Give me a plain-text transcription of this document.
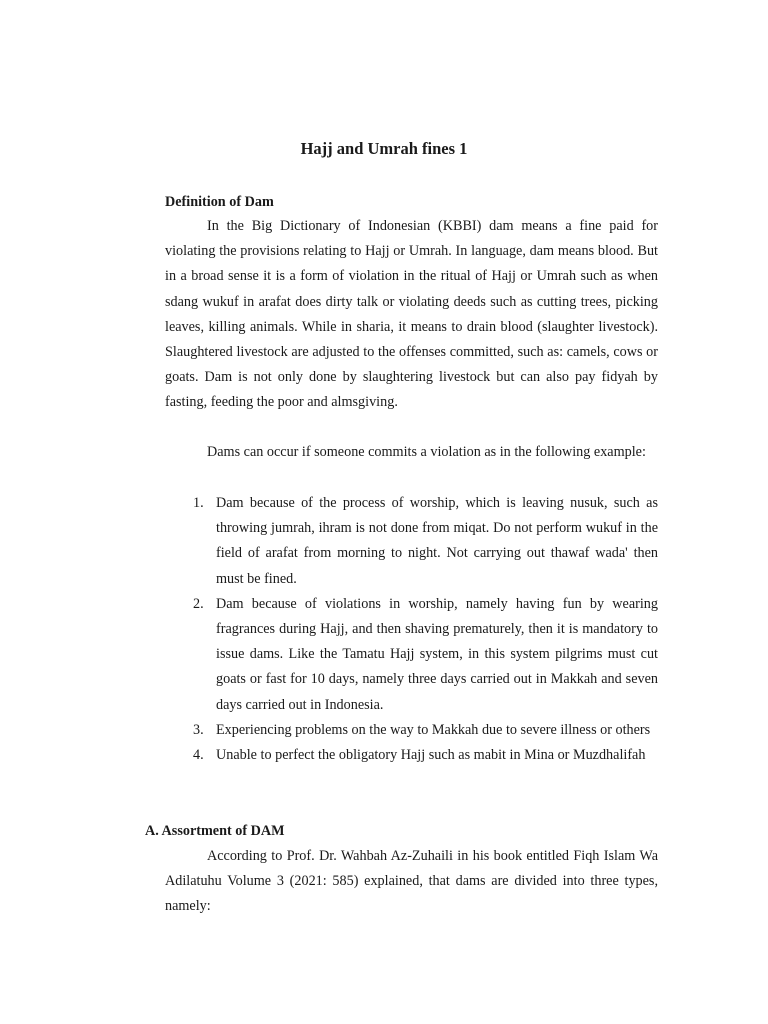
Hajj and Umrah fines 1
Definition of Dam

In the Big Dictionary of Indonesian (KBBI) dam means a fine paid for violating the provisions relating to Hajj or Umrah. In language, dam means blood. But in a broad sense it is a form of violation in the ritual of Hajj or Umrah such as when sdang wukuf in arafat does dirty talk or violating deeds such as cutting trees, picking leaves, killing animals. While in sharia, it means to drain blood (slaughter livestock). Slaughtered livestock are adjusted to the offenses committed, such as: camels, cows or goats. Dam is not only done by slaughtering livestock but can also pay fidyah by fasting, feeding the poor and almsgiving.

Dams can occur if someone commits a violation as in the following example:

1. Dam because of the process of worship, which is leaving nusuk, such as throwing jumrah, ihram is not done from miqat. Do not perform wukuf in the field of arafat from morning to night. Not carrying out thawaf wada' then must be fined.
2. Dam because of violations in worship, namely having fun by wearing fragrances during Hajj, and then shaving prematurely, then it is mandatory to issue dams. Like the Tamatu Hajj system, in this system pilgrims must cut goats or fast for 10 days, namely three days carried out in Makkah and seven days carried out in Indonesia.
3. Experiencing problems on the way to Makkah due to severe illness or others
4. Unable to perfect the obligatory Hajj such as mabit in Mina or Muzdhalifah
A. Assortment of DAM

According to Prof. Dr. Wahbah Az-Zuhaili in his book entitled Fiqh Islam Wa Adilatuhu Volume 3 (2021: 585) explained, that dams are divided into three types, namely:
